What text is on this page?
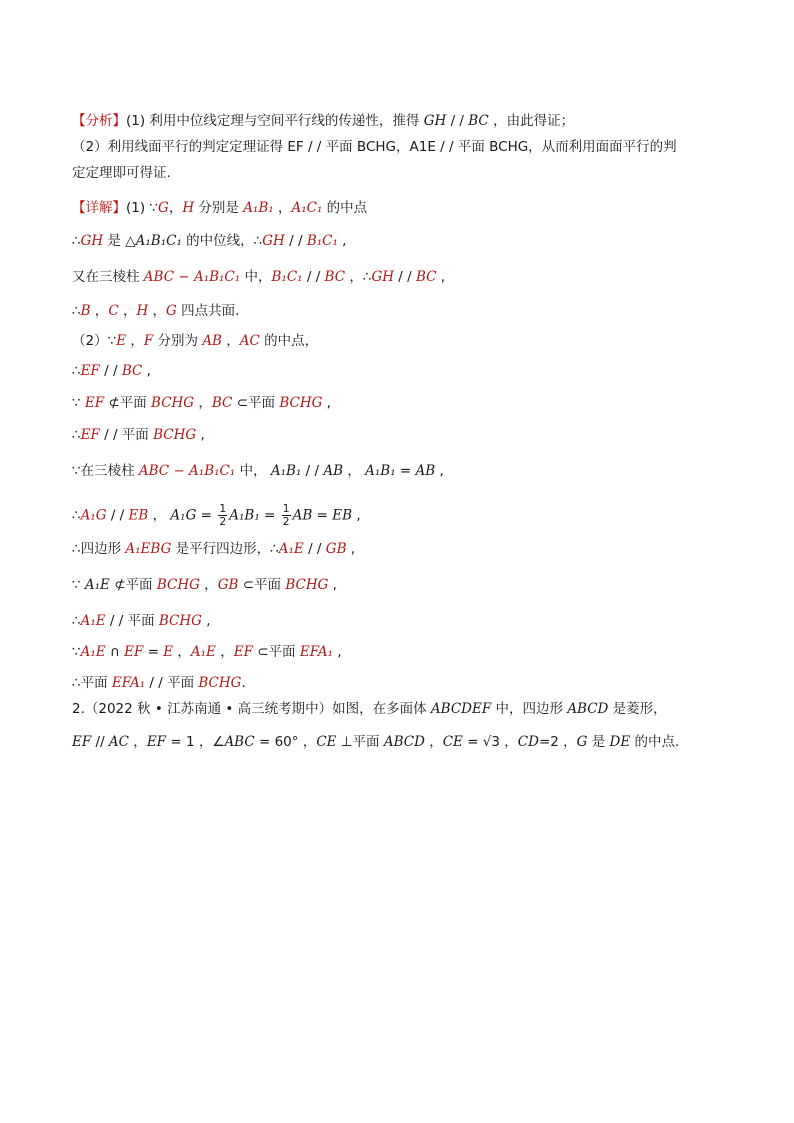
【分析】(1) 利用中位线定理与空间平行线的传递性，推得 GH / / BC ，由此得证；
（2）利用线面平行的判定定理证得 EF / / 平面 BCHG，A1E / / 平面 BCHG，从而利用面面平行的判
定定理即可得证.
【详解】(1) ∵G，H 分别是 A₁B₁ ，A₁C₁ 的中点
∴GH 是 △A₁B₁C₁ 的中位线，∴GH / / B₁C₁ ,
又在三棱柱 ABC − A₁B₁C₁ 中，B₁C₁ / / BC ，∴GH / / BC ,
∴B ，C ，H ，G 四点共面.
（2）∵E ，F 分别为 AB ，AC 的中点，
∴EF / / BC ,
∵ EF ⊄平面 BCHG ，BC ⊂平面 BCHG ,
∴EF / / 平面 BCHG ,
∵在三棱柱 ABC − A₁B₁C₁ 中， A₁B₁ / / AB ， A₁B₁ = AB ,
∴A₁G / / EB ， $A_1G = \frac{1}{2} A_1B_1 = \frac{1}{2}$ AB = EB ,
∴四边形 A₁EBG 是平行四边形，∴A₁E / / GB ,
∵ A₁E ⊄平面 BCHG ，GB ⊂平面 BCHG ,
∴A₁E / / 平面 BCHG ,
∵A₁E ∩ EF = E ，A₁E ，EF ⊂平面 EFA₁ ,
∴平面 EFA₁ / / 平面 BCHG.
2.（2022 秋 • 江苏南通 • 高三统考期中）如图，在多面体 ABCDEF 中，四边形 ABCD 是菱形，
EF // AC ，EF = 1 ，∠ABC = 60° ，CE ⊥平面 ABCD ，CE = √3 ，CD=2 ，G 是 DE 的中点.
